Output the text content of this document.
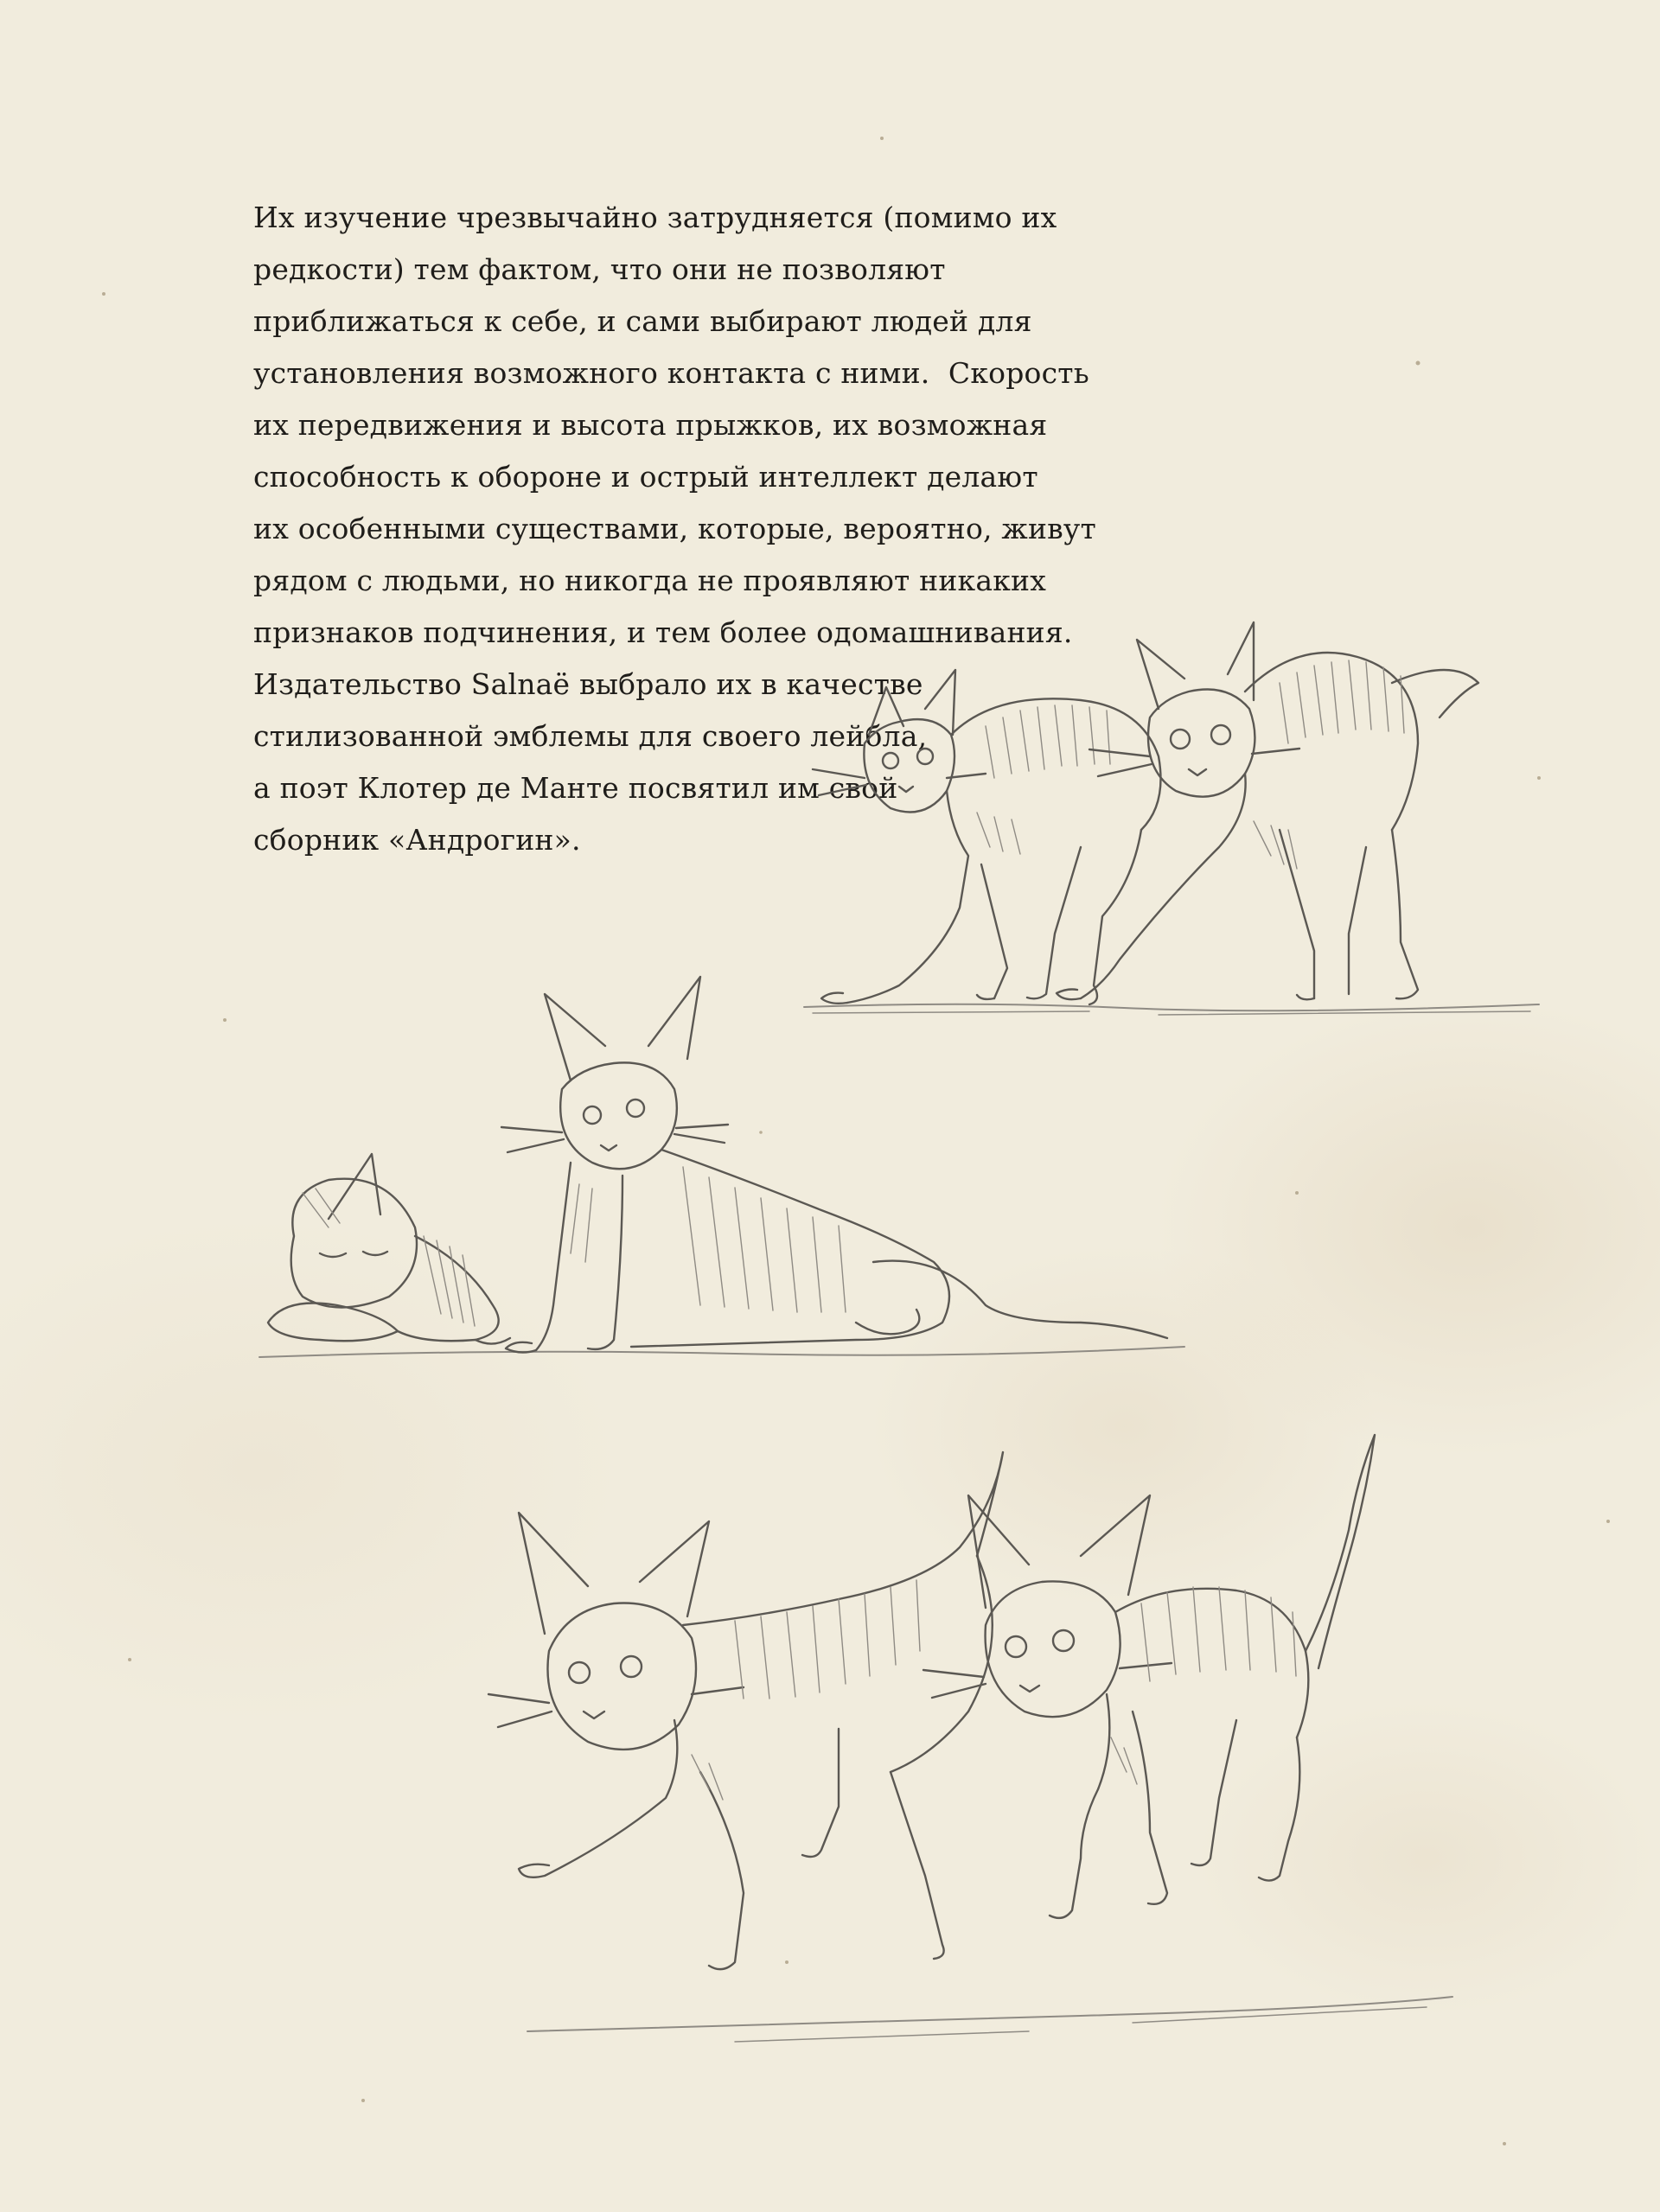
Их изучение чрезвычайно затрудняется (помимо их
редкости) тем фактом, что они не позволяют
приближаться к себе, и сами выбирают людей для
установления возможного контакта с ними.  Скорость
их передвижения и высота прыжков, их возможная
способность к обороне и острый интеллект делают
их особенными существами, которые, вероятно, живут
рядом с людьми, но никогда не проявляют никаких
признаков подчинения, и тем более одомашнивания.
Издательство Salnaё выбрало их в качестве
стилизованной эмблемы для своего лейбла,
а поэт Клотер де Манте посвятил им свой
сборник «Андрогин».
